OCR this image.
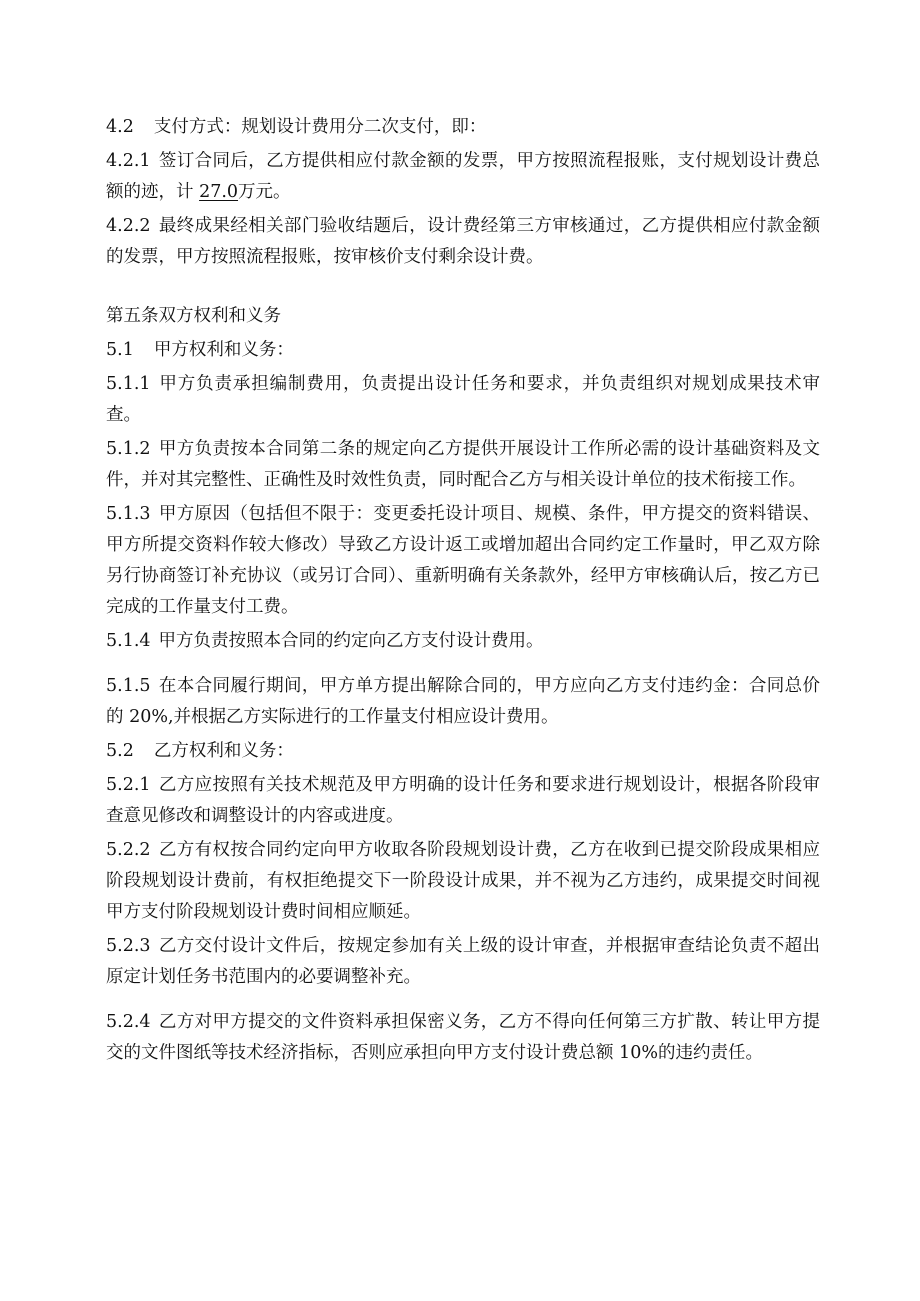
4.2 支付方式：规划设计费用分二次支付，即：

4.2.1 签订合同后，乙方提供相应付款金额的发票，甲方按照流程报账，支付规划设计费总额的迹，计 27.0万元。

4.2.2 最终成果经相关部门验收结题后，设计费经第三方审核通过，乙方提供相应付款金额的发票，甲方按照流程报账，按审核价支付剩余设计费。

第五条双方权利和义务

5.1 甲方权利和义务：

5.1.1 甲方负责承担编制费用，负责提出设计任务和要求，并负责组织对规划成果技术审查。

5.1.2 甲方负责按本合同第二条的规定向乙方提供开展设计工作所必需的设计基础资料及文件，并对其完整性、正确性及时效性负责，同时配合乙方与相关设计单位的技术衔接工作。

5.1.3 甲方原因（包括但不限于：变更委托设计项目、规模、条件，甲方提交的资料错误、甲方所提交资料作较大修改）导致乙方设计返工或增加超出合同约定工作量时，甲乙双方除另行协商签订补充协议（或另订合同）、重新明确有关条款外，经甲方审核确认后，按乙方已完成的工作量支付工费。

5.1.4 甲方负责按照本合同的约定向乙方支付设计费用。

5.1.5 在本合同履行期间，甲方单方提出解除合同的，甲方应向乙方支付违约金：合同总价的 20%,并根据乙方实际进行的工作量支付相应设计费用。

5.2 乙方权利和义务：

5.2.1 乙方应按照有关技术规范及甲方明确的设计任务和要求进行规划设计，根据各阶段审查意见修改和调整设计的内容或进度。

5.2.2 乙方有权按合同约定向甲方收取各阶段规划设计费，乙方在收到已提交阶段成果相应阶段规划设计费前，有权拒绝提交下一阶段设计成果，并不视为乙方违约，成果提交时间视甲方支付阶段规划设计费时间相应顺延。

5.2.3 乙方交付设计文件后，按规定参加有关上级的设计审查，并根据审查结论负责不超出原定计划任务书范围内的必要调整补充。

5.2.4 乙方对甲方提交的文件资料承担保密义务，乙方不得向任何第三方扩散、转让甲方提交的文件图纸等技术经济指标，否则应承担向甲方支付设计费总额 10%的违约责任。
